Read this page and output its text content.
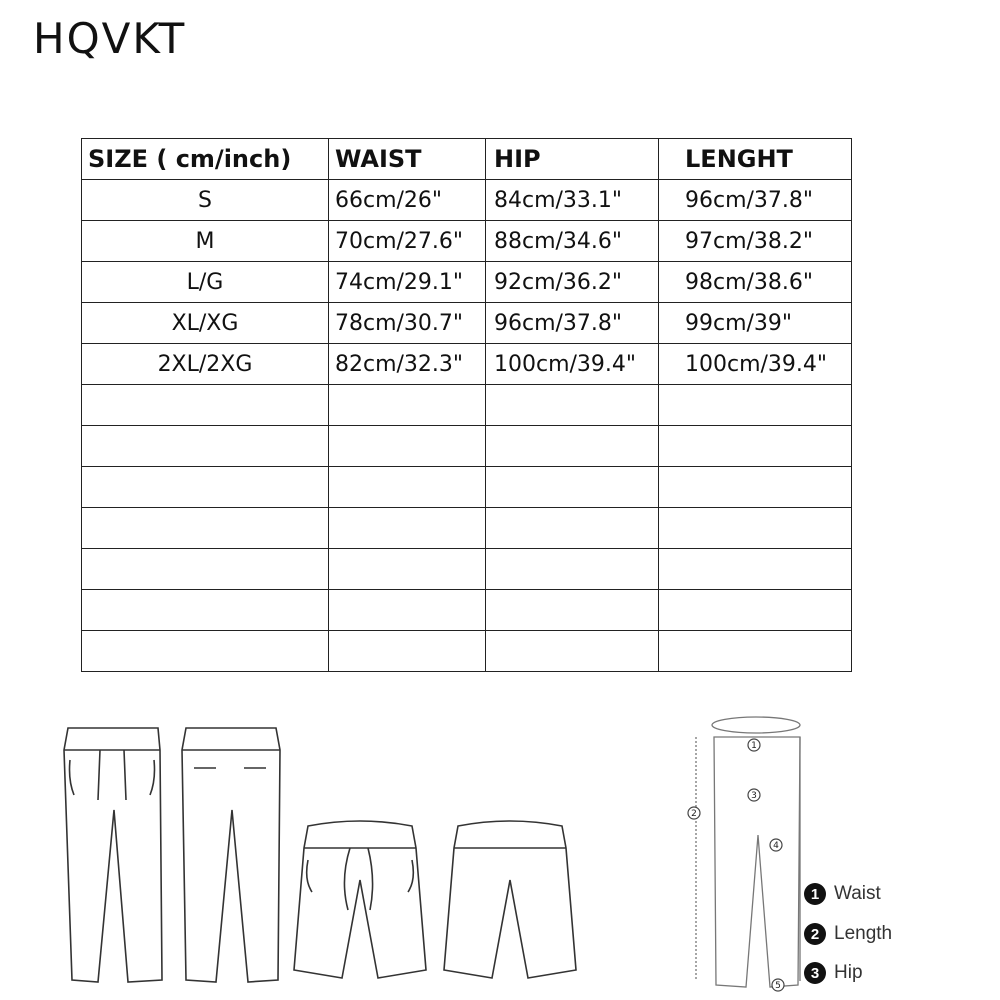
HQVKT
SIZE ( cm/inch)	WAIST	HIP	LENGHT
S	66cm/26"	84cm/33.1"	96cm/37.8"
M	70cm/27.6"	88cm/34.6"	97cm/38.2"
L/G	74cm/29.1"	92cm/36.2"	98cm/38.6"
XL/XG	78cm/30.7"	96cm/37.8"	99cm/39"
2XL/2XG	82cm/32.3"	100cm/39.4"	100cm/39.4"

1
2
3
4
5
1 Waist
2 Length
3 Hip
